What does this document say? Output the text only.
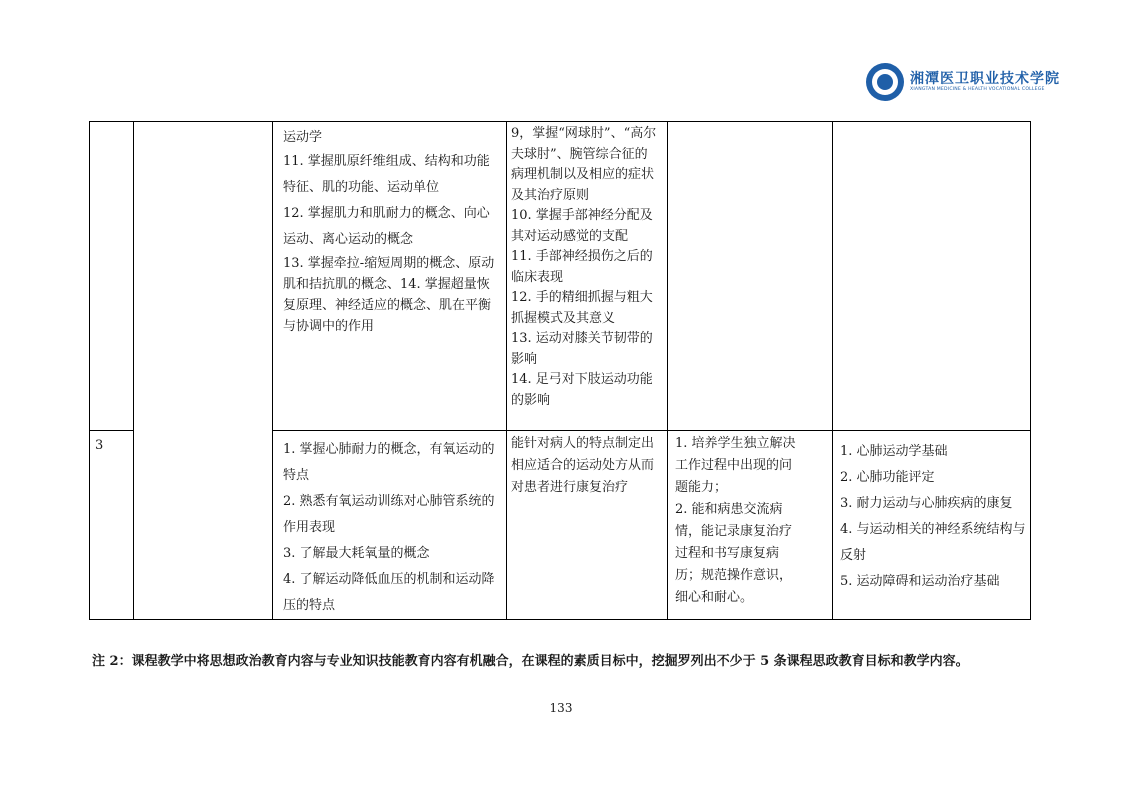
湘潭医卫职业技术学院
XIANGTAN MEDICINE & HEALTH VOCATIONAL COLLEGE

运动学

11. 掌握肌原纤维组成、结构和功能特征、肌的功能、运动单位

12. 掌握肌力和肌耐力的概念、向心运动、离心运动的概念

13. 掌握牵拉-缩短周期的概念、原动肌和拮抗肌的概念、14. 掌握超量恢复原理、神经适应的概念、肌在平衡与协调中的作用

9，掌握“网球肘”、“高尔夫球肘”、腕管综合征的病理机制以及相应的症状及其治疗原则

10. 掌握手部神经分配及其对运动感觉的支配

11. 手部神经损伤之后的临床表现

12. 手的精细抓握与粗大抓握模式及其意义

13. 运动对膝关节韧带的影响

14. 足弓对下肢运动功能的影响

3	1. 掌握心肺耐力的概念，有氧运动的特点

2. 熟悉有氧运动训练对心肺管系统的作用表现

3. 了解最大耗氧量的概念

4. 了解运动降低血压的机制和运动降压的特点

能针对病人的特点制定出相应适合的运动处方从而对患者进行康复治疗

1. 培养学生独立解决工作过程中出现的问题能力；

2. 能和病患交流病情，能记录康复治疗过程和书写康复病历；规范操作意识，细心和耐心。

1. 心肺运动学基础

2. 心肺功能评定

3. 耐力运动与心肺疾病的康复

4. 与运动相关的神经系统结构与反射

5. 运动障碍和运动治疗基础

注 2：课程教学中将思想政治教育内容与专业知识技能教育内容有机融合，在课程的素质目标中，挖掘罗列出不少于 5 条课程思政教育目标和教学内容。
133
